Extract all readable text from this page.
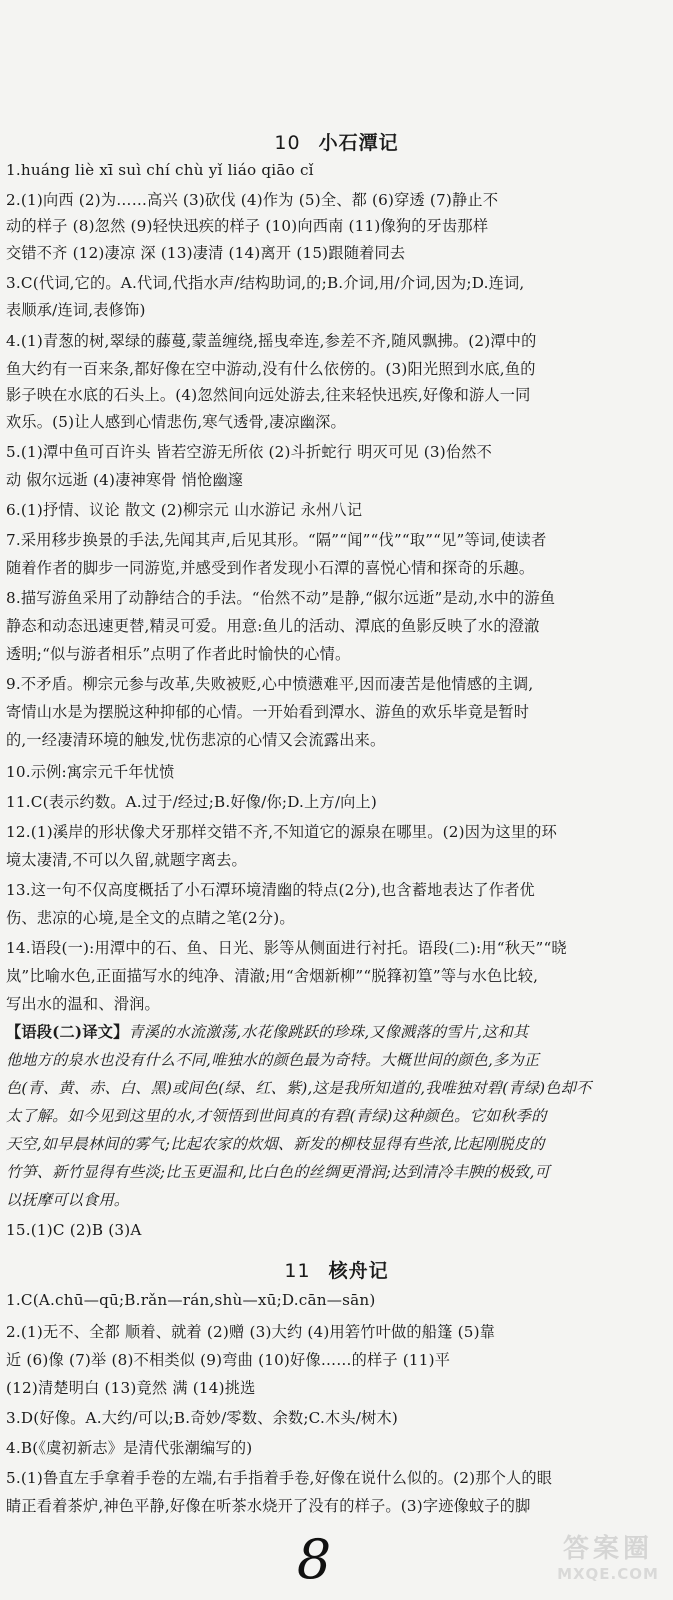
10 小石潭记
1.huáng liè xī suì chí chù yǐ liáo qiāo cǐ
2.(1)向西 (2)为……高兴 (3)砍伐 (4)作为 (5)全、都 (6)穿透 (7)静止不
动的样子 (8)忽然 (9)轻快迅疾的样子 (10)向西南 (11)像狗的牙齿那样
交错不齐 (12)凄凉 深 (13)凄清 (14)离开 (15)跟随着同去
3.C(代词,它的。A.代词,代指水声/结构助词,的;B.介词,用/介词,因为;D.连词,
表顺承/连词,表修饰)
4.(1)青葱的树,翠绿的藤蔓,蒙盖缠绕,摇曳牵连,参差不齐,随风飘拂。(2)潭中的
鱼大约有一百来条,都好像在空中游动,没有什么依傍的。(3)阳光照到水底,鱼的
影子映在水底的石头上。(4)忽然间向远处游去,往来轻快迅疾,好像和游人一同
欢乐。(5)让人感到心情悲伤,寒气透骨,凄凉幽深。
5.(1)潭中鱼可百许头 皆若空游无所依 (2)斗折蛇行 明灭可见 (3)佁然不
动 俶尔远逝 (4)凄神寒骨 悄怆幽邃
6.(1)抒情、议论 散文 (2)柳宗元 山水游记 永州八记
7.采用移步换景的手法,先闻其声,后见其形。“隔”“闻”“伐”“取”“见”等词,使读者
随着作者的脚步一同游览,并感受到作者发现小石潭的喜悦心情和探奇的乐趣。
8.描写游鱼采用了动静结合的手法。“佁然不动”是静,“俶尔远逝”是动,水中的游鱼
静态和动态迅速更替,精灵可爱。用意:鱼儿的活动、潭底的鱼影反映了水的澄澈
透明;“似与游者相乐”点明了作者此时愉快的心情。
9.不矛盾。柳宗元参与改革,失败被贬,心中愤懑难平,因而凄苦是他情感的主调,
寄情山水是为摆脱这种抑郁的心情。一开始看到潭水、游鱼的欢乐毕竟是暂时
的,一经凄清环境的触发,忧伤悲凉的心情又会流露出来。
10.示例:寓宗元千年忧愤
11.C(表示约数。A.过于/经过;B.好像/你;D.上方/向上)
12.(1)溪岸的形状像犬牙那样交错不齐,不知道它的源泉在哪里。(2)因为这里的环
境太凄清,不可以久留,就题字离去。
13.这一句不仅高度概括了小石潭环境清幽的特点(2分),也含蓄地表达了作者优
伤、悲凉的心境,是全文的点睛之笔(2分)。
14.语段(一):用潭中的石、鱼、日光、影等从侧面进行衬托。语段(二):用“秋天”“晓
岚”比喻水色,正面描写水的纯净、清澈;用“舍烟新柳”“脱箨初篁”等与水色比较,
写出水的温和、滑润。
【语段(二)译文】青溪的水流激荡,水花像跳跃的珍珠,又像溅落的雪片,这和其
他地方的泉水也没有什么不同,唯独水的颜色最为奇特。大概世间的颜色,多为正
色(青、黄、赤、白、黑)或间色(绿、红、紫),这是我所知道的,我唯独对碧(青绿)色却不
太了解。如今见到这里的水,才领悟到世间真的有碧(青绿)这种颜色。它如秋季的
天空,如早晨林间的雾气;比起农家的炊烟、新发的柳枝显得有些浓,比起刚脱皮的
竹笋、新竹显得有些淡;比玉更温和,比白色的丝绸更滑润;达到清冷丰腴的极致,可
以抚摩可以食用。
15.(1)C (2)B (3)A
11 核舟记
1.C(A.chū—qū;B.rǎn—rán,shù—xū;D.cān—sān)
2.(1)无不、全都 顺着、就着 (2)赠 (3)大约 (4)用箬竹叶做的船篷 (5)靠
近 (6)像 (7)举 (8)不相类似 (9)弯曲 (10)好像……的样子 (11)平
(12)清楚明白 (13)竟然 满 (14)挑选
3.D(好像。A.大约/可以;B.奇妙/零数、余数;C.木头/树木)
4.B(《虞初新志》是清代张潮编写的)
5.(1)鲁直左手拿着手卷的左端,右手指着手卷,好像在说什么似的。(2)那个人的眼
睛正看着茶炉,神色平静,好像在听茶水烧开了没有的样子。(3)字迹像蚊子的脚
8	答案圈
MXQE.COM
